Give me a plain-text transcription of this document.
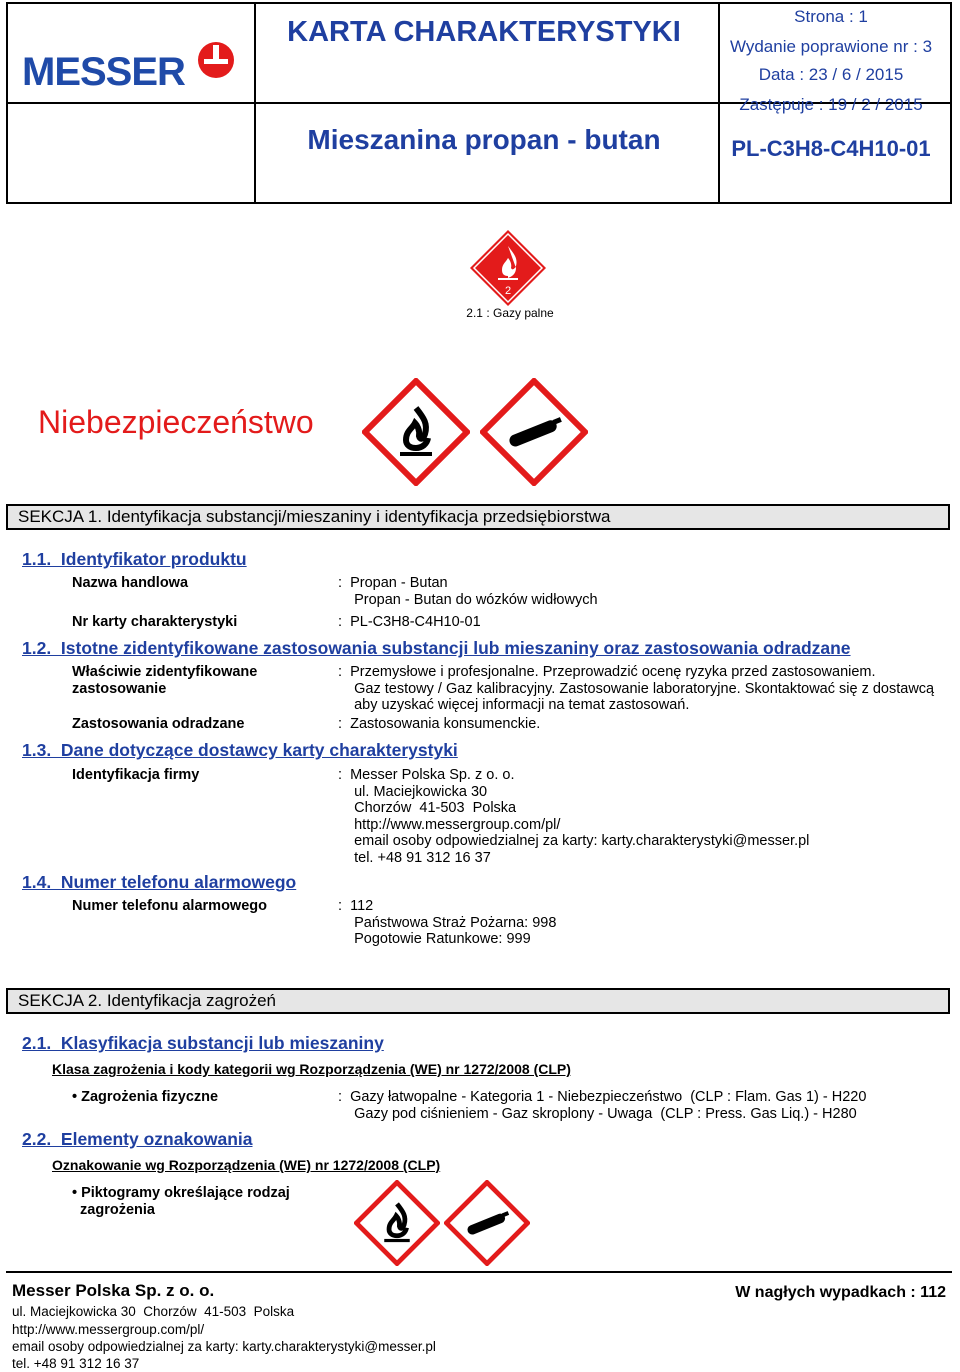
MESSER
KARTA CHARAKTERYSTYKI
Mieszanina propan - butan
Strona : 1
Wydanie poprawione nr : 3
Data : 23 / 6 / 2015
Zastępuje : 19 / 2 / 2015
PL-C3H8-C4H10-01
2
2.1 : Gazy palne
Niebezpieczeństwo
SEKCJA 1. Identyfikacja substancji/mieszaniny i identyfikacja przedsiębiorstwa
1.1.  Identyfikator produktu
Nazwa handlowa	:  Propan - Butan
Propan - Butan do wózków widłowych
Nr karty charakterystyki	:  PL-C3H8-C4H10-01
1.2.  Istotne zidentyfikowane zastosowania substancji lub mieszaniny oraz zastosowania odradzane
Właściwie zidentyfikowane
zastosowanie
:  Przemysłowe i profesjonalne. Przeprowadzić ocenę ryzyka przed zastosowaniem.
Gaz testowy / Gaz kalibracyjny. Zastosowanie laboratoryjne. Skontaktować się z dostawcą
aby uzyskać więcej informacji na temat zastosowań.
Zastosowania odradzane	:  Zastosowania konsumenckie.
1.3.  Dane dotyczące dostawcy karty charakterystyki
Identyfikacja firmy	:  Messer Polska Sp. z o. o.
ul. Maciejkowicka 30
Chorzów  41-503  Polska
http://www.messergroup.com/pl/
email osoby odpowiedzialnej za karty: karty.charakterystyki@messer.pl
tel. +48 91 312 16 37
1.4.  Numer telefonu alarmowego
Numer telefonu alarmowego	:  112
Państwowa Straż Pożarna: 998
Pogotowie Ratunkowe: 999
SEKCJA 2. Identyfikacja zagrożeń
2.1.  Klasyfikacja substancji lub mieszaniny
Klasa zagrożenia i kody kategorii wg Rozporządzenia (WE) nr 1272/2008 (CLP)
• Zagrożenia fizyczne	:  Gazy łatwopalne - Kategoria 1 - Niebezpieczeństwo  (CLP : Flam. Gas 1) - H220
Gazy pod ciśnieniem - Gaz skroplony - Uwaga  (CLP : Press. Gas Liq.) - H280
2.2.  Elementy oznakowania
Oznakowanie wg Rozporządzenia (WE) nr 1272/2008 (CLP)
• Piktogramy określające rodzaj
zagrożenia
Messer Polska Sp. z o. o.	W nagłych wypadkach : 112
ul. Maciejkowicka 30  Chorzów  41-503  Polska
http://www.messergroup.com/pl/
email osoby odpowiedzialnej za karty: karty.charakterystyki@messer.pl
tel. +48 91 312 16 37
